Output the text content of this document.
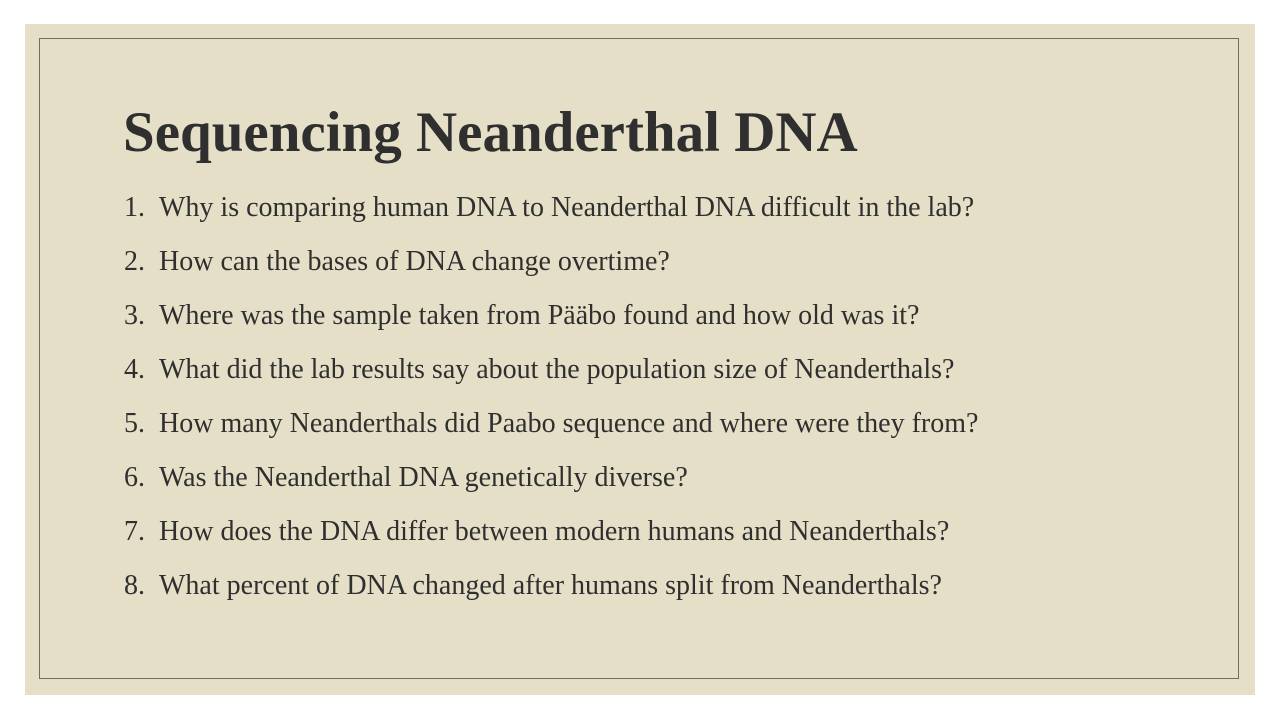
Sequencing Neanderthal DNA
1.  Why is comparing human DNA to Neanderthal DNA difficult in the lab?
2.  How can the bases of DNA change overtime?
3.  Where was the sample taken from Pääbo found and how old was it?
4.  What did the lab results say about the population size of Neanderthals?
5.  How many Neanderthals did Paabo sequence and where were they from?
6.  Was the Neanderthal DNA genetically diverse?
7.  How does the DNA differ between modern humans and Neanderthals?
8.  What percent of DNA changed after humans split from Neanderthals?
